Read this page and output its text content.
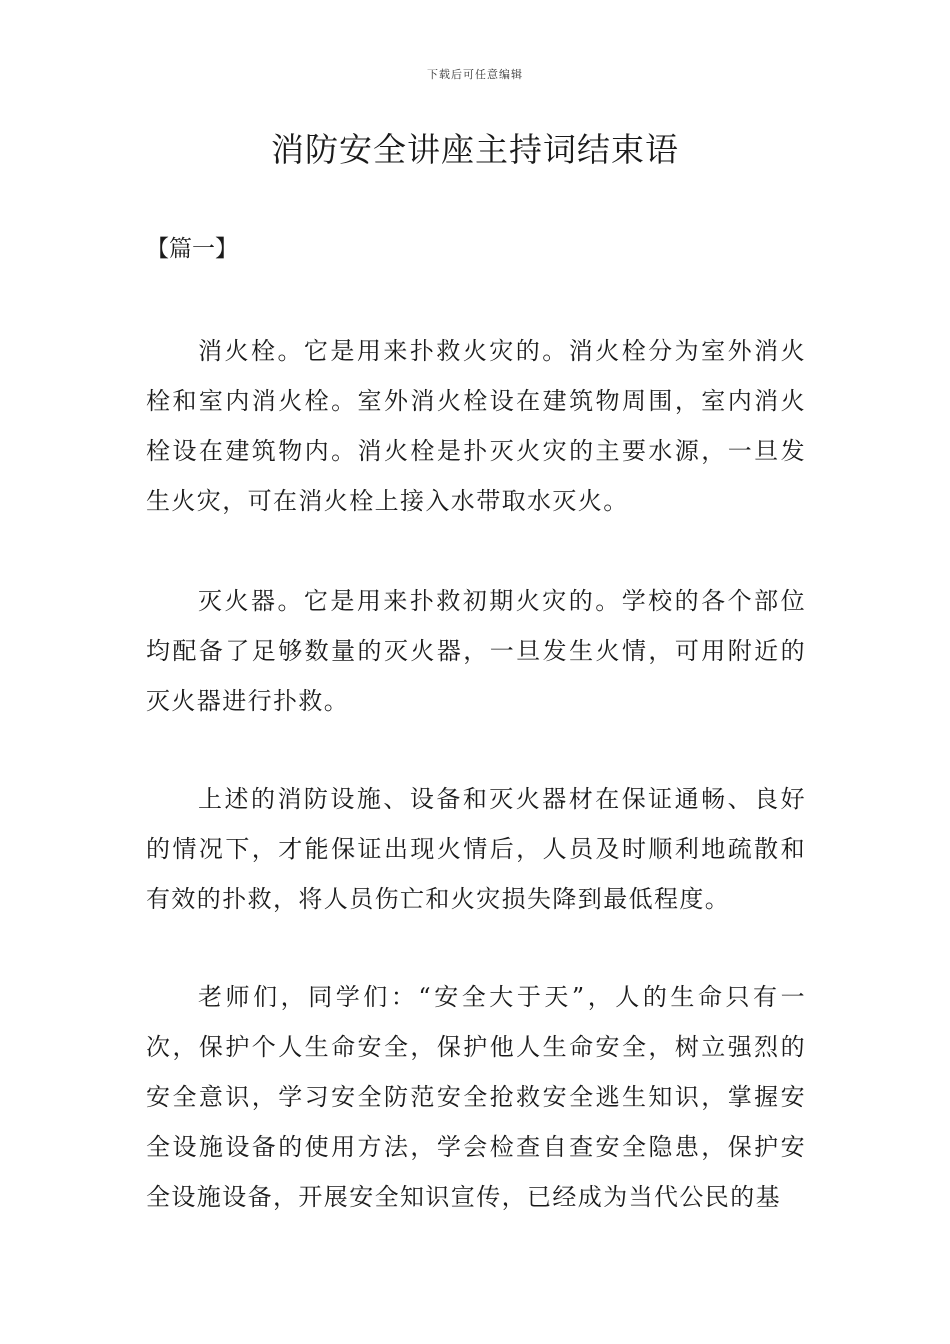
下载后可任意编辑
消防安全讲座主持词结束语

【篇一】

消火栓。它是用来扑救火灾的。消火栓分为室外消火栓和室内消火栓。室外消火栓设在建筑物周围，室内消火栓设在建筑物内。消火栓是扑灭火灾的主要水源，一旦发生火灾，可在消火栓上接入水带取水灭火。

灭火器。它是用来扑救初期火灾的。学校的各个部位均配备了足够数量的灭火器，一旦发生火情，可用附近的灭火器进行扑救。

上述的消防设施、设备和灭火器材在保证通畅、良好的情况下，才能保证出现火情后，人员及时顺利地疏散和有效的扑救，将人员伤亡和火灾损失降到最低程度。

老师们，同学们：“安全大于天”，人的生命只有一次，保护个人生命安全，保护他人生命安全，树立强烈的安全意识，学习安全防范安全抢救安全逃生知识，掌握安全设施设备的使用方法，学会检查自查安全隐患，保护安全设施设备，开展安全知识宣传，已经成为当代公民的基
